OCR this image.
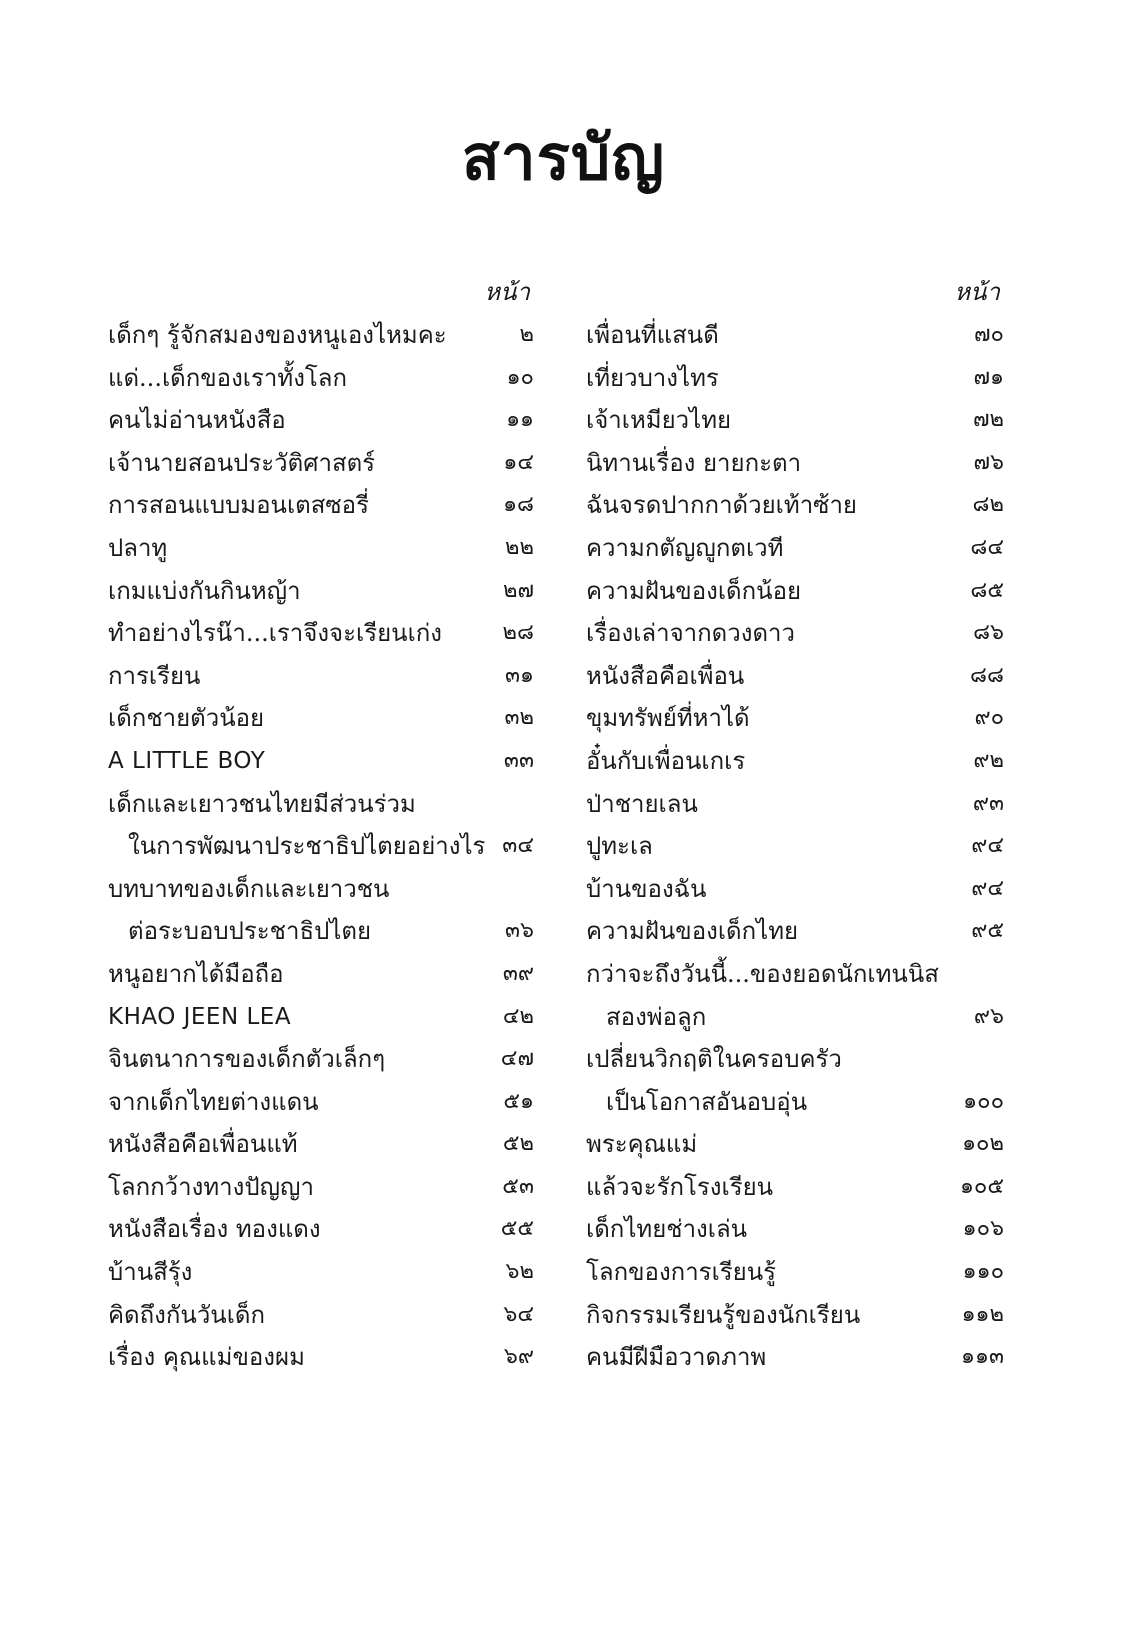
สารบัญ
หน้า
เด็กๆ รู้จักสมองของหนูเองไหมคะ	๒
แด่...เด็กของเราทั้งโลก	๑๐
คนไม่อ่านหนังสือ	๑๑
เจ้านายสอนประวัติศาสตร์	๑๔
การสอนแบบมอนเตสซอรี่	๑๘
ปลาทู	๒๒
เกมแบ่งกันกินหญ้า	๒๗
ทำอย่างไรน๊า...เราจึงจะเรียนเก่ง	๒๘
การเรียน	๓๑
เด็กชายตัวน้อย	๓๒
A LITTLE BOY	๓๓
เด็กและเยาวชนไทยมีส่วนร่วม
ในการพัฒนาประชาธิปไตยอย่างไร ๓๔
บทบาทของเด็กและเยาวชน
ต่อระบอบประชาธิปไตย	๓๖
หนูอยากได้มือถือ	๓๙
KHAO JEEN LEA	๔๒
จินตนาการของเด็กตัวเล็กๆ	๔๗
จากเด็กไทยต่างแดน	๕๑
หนังสือคือเพื่อนแท้	๕๒
โลกกว้างทางปัญญา	๕๓
หนังสือเรื่อง ทองแดง	๕๕
บ้านสีรุ้ง	๖๒
คิดถึงกันวันเด็ก	๖๔
เรื่อง คุณแม่ของผม	๖๙
หน้า
เพื่อนที่แสนดี	๗๐
เที่ยวบางไทร	๗๑
เจ้าเหมียวไทย	๗๒
นิทานเรื่อง ยายกะตา	๗๖
ฉันจรดปากกาด้วยเท้าซ้าย	๘๒
ความกตัญญูกตเวที	๘๔
ความฝันของเด็กน้อย	๘๕
เรื่องเล่าจากดวงดาว	๘๖
หนังสือคือเพื่อน	๘๘
ขุมทรัพย์ที่หาได้	๙๐
อั๋นกับเพื่อนเกเร	๙๒
ป่าชายเลน	๙๓
ปูทะเล	๙๔
บ้านของฉัน	๙๔
ความฝันของเด็กไทย	๙๕
กว่าจะถึงวันนี้...ของยอดนักเทนนิส
สองพ่อลูก	๙๖
เปลี่ยนวิกฤติในครอบครัว
เป็นโอกาสอันอบอุ่น	๑๐๐
พระคุณแม่	๑๐๒
แล้วจะรักโรงเรียน	๑๐๕
เด็กไทยช่างเล่น	๑๐๖
โลกของการเรียนรู้	๑๑๐
กิจกรรมเรียนรู้ของนักเรียน	๑๑๒
คนมีฝีมือวาดภาพ	๑๑๓
